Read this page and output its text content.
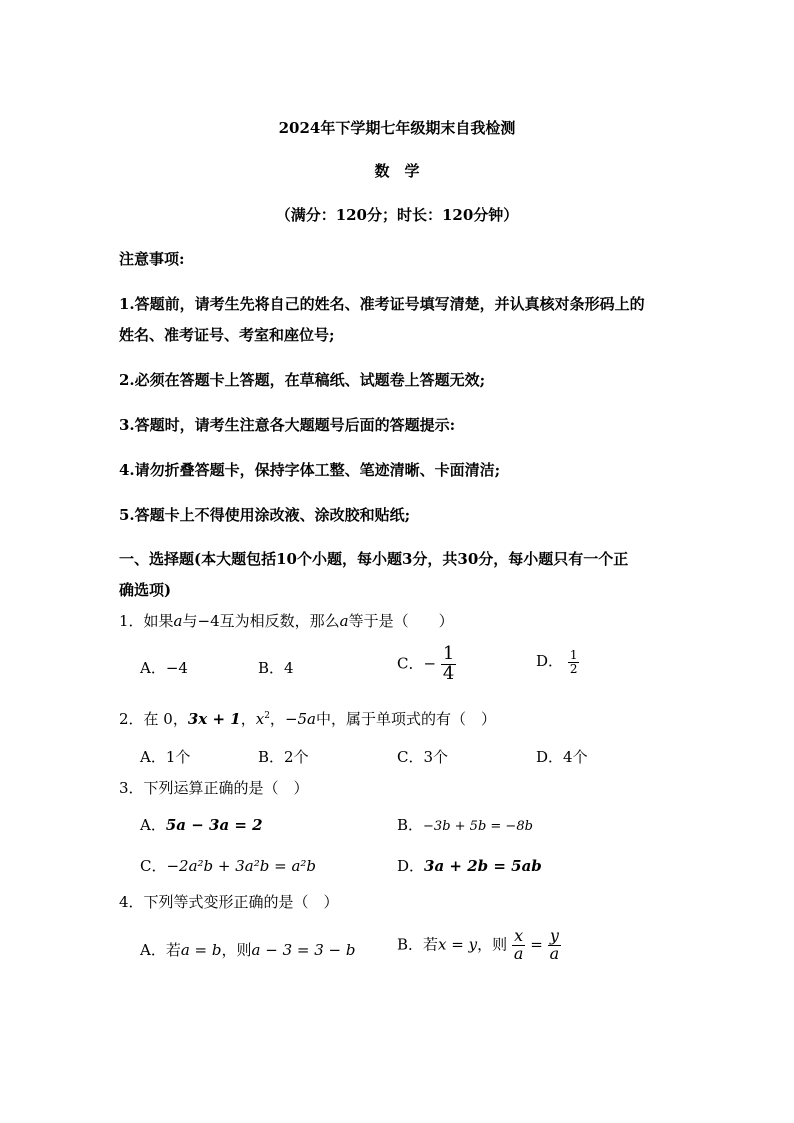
2024年下学期七年级期末自我检测
数　学
（满分：120分；时长：120分钟）
注意事项:
1.答题前，请考生先将自己的姓名、准考证号填写清楚，并认真核对条形码上的
姓名、准考证号、考室和座位号;
2.必须在答题卡上答题，在草稿纸、试题卷上答题无效;
3.答题时，请考生注意各大题题号后面的答题提示:
4.请勿折叠答题卡，保持字体工整、笔迹清晰、卡面清洁;
5.答题卡上不得使用涂改液、涂改胶和贴纸;
一、选择题(本大题包括10个小题，每小题3分，共30分，每小题只有一个正
确选项)
1．如果a与−4互为相反数，那么a等于是（　　）
A．−4	B．4	C．− $\frac{1}{4}$	D． $\frac{1}{2}$
2．在 0，3x + 1，$x^2$，−5a中，属于单项式的有（　）
A．1个	B．2个	C．3个	D．4个
3．下列运算正确的是（　）
A．5a − 3a = 2	B．−3b + 5b = −8b
C．−2a²b + 3a²b = a²b	D．3a + 2b = 5ab
4．下列等式变形正确的是（　）
A．若a = b，则a − 3 = 3 − b	B．若x = y，则 $\frac{x}{a} = \frac{y}{a}$
